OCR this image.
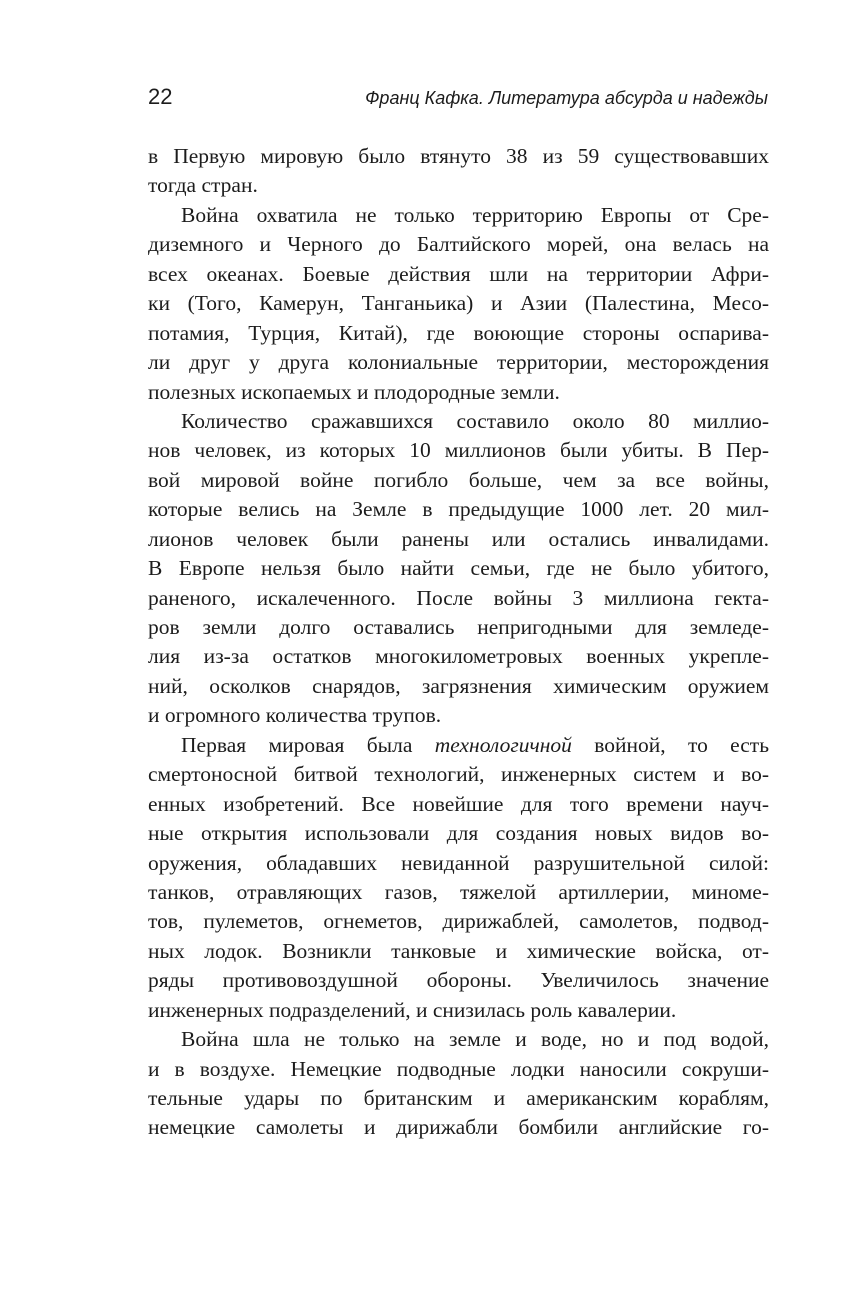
22	Франц Кафка. Литература абсурда и надежды
в Первую мировую было втянуто 38 из 59 существовавших
тогда стран.
Война охватила не только территорию Европы от Сре-
диземного и Черного до Балтийского морей, она велась на
всех океанах. Боевые действия шли на территории Афри-
ки (Того, Камерун, Танганьика) и Азии (Палестина, Месо-
потамия, Турция, Китай), где воюющие стороны оспарива-
ли друг у друга колониальные территории, месторождения
полезных ископаемых и плодородные земли.
Количество сражавшихся составило около 80 миллио-
нов человек, из которых 10 миллионов были убиты. В Пер-
вой мировой войне погибло больше, чем за все войны,
которые велись на Земле в предыдущие 1000 лет. 20 мил-
лионов человек были ранены или остались инвалидами.
В Европе нельзя было найти семьи, где не было убитого,
раненого, искалеченного. После войны 3 миллиона гекта-
ров земли долго оставались непригодными для земледе-
лия из-за остатков многокилометровых военных укрепле-
ний, осколков снарядов, загрязнения химическим оружием
и огромного количества трупов.
Первая мировая была технологичной войной, то есть
смертоносной битвой технологий, инженерных систем и во-
енных изобретений. Все новейшие для того времени науч-
ные открытия использовали для создания новых видов во-
оружения, обладавших невиданной разрушительной силой:
танков, отравляющих газов, тяжелой артиллерии, миноме-
тов, пулеметов, огнеметов, дирижаблей, самолетов, подвод-
ных лодок. Возникли танковые и химические войска, от-
ряды противовоздушной обороны. Увеличилось значение
инженерных подразделений, и снизилась роль кавалерии.
Война шла не только на земле и воде, но и под водой,
и в воздухе. Немецкие подводные лодки наносили сокруши-
тельные удары по британским и американским кораблям,
немецкие самолеты и дирижабли бомбили английские го-
